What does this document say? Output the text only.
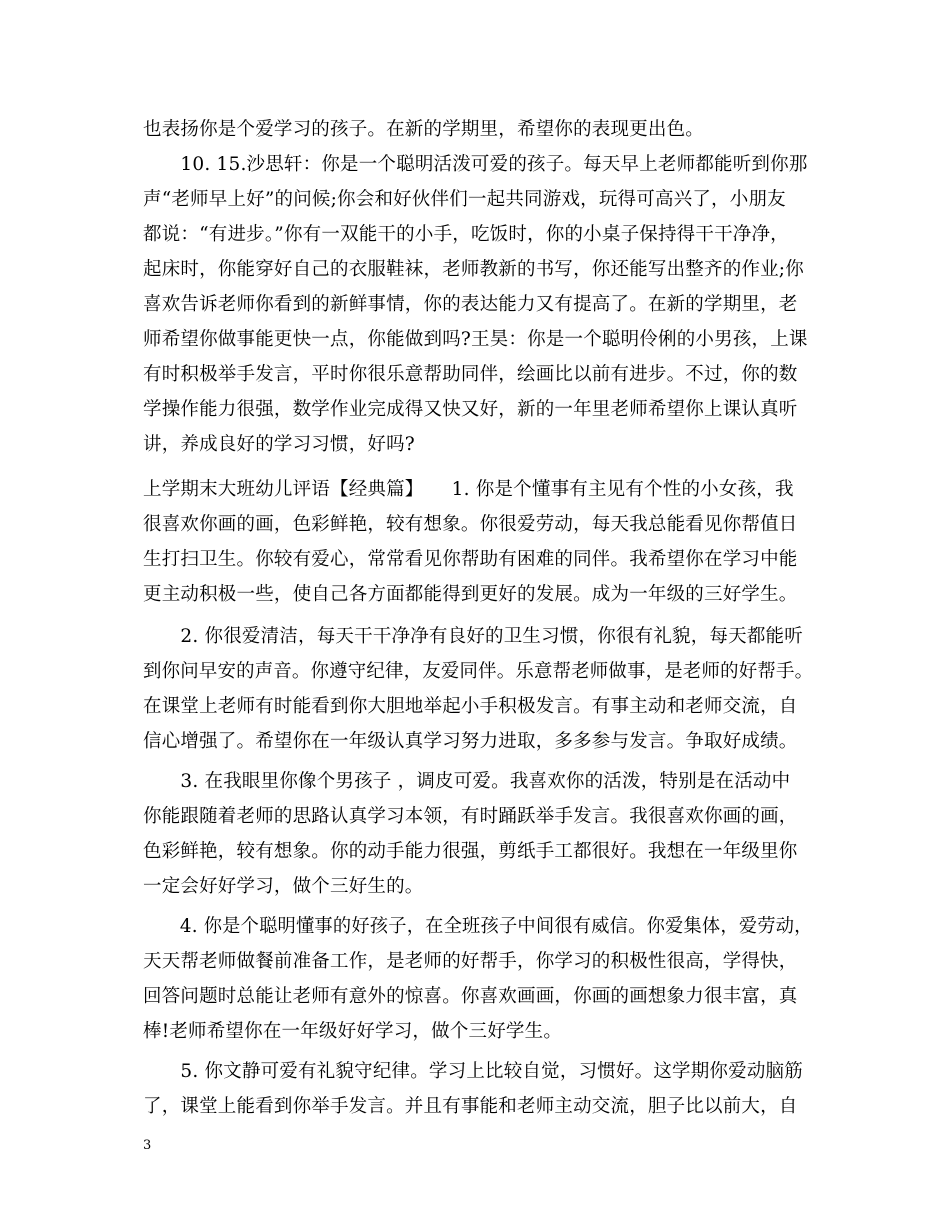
也表扬你是个爱学习的孩子。在新的学期里，希望你的表现更出色。
　　10. 15.沙思轩：你是一个聪明活泼可爱的孩子。每天早上老师都能听到你那
声“老师早上好”的问候;你会和好伙伴们一起共同游戏，玩得可高兴了，小朋友
都说：“有进步。”你有一双能干的小手，吃饭时，你的小桌子保持得干干净净，
起床时，你能穿好自己的衣服鞋袜，老师教新的书写，你还能写出整齐的作业;你
喜欢告诉老师你看到的新鲜事情，你的表达能力又有提高了。在新的学期里，老
师希望你做事能更快一点，你能做到吗?王昊：你是一个聪明伶俐的小男孩，上课
有时积极举手发言，平时你很乐意帮助同伴，绘画比以前有进步。不过，你的数
学操作能力很强，数学作业完成得又快又好，新的一年里老师希望你上课认真听
讲，养成良好的学习习惯，好吗?
上学期末大班幼儿评语【经典篇】　　1. 你是个懂事有主见有个性的小女孩，我
很喜欢你画的画，色彩鲜艳，较有想象。你很爱劳动，每天我总能看见你帮值日
生打扫卫生。你较有爱心，常常看见你帮助有困难的同伴。我希望你在学习中能
更主动积极一些，使自己各方面都能得到更好的发展。成为一年级的三好学生。
　　2. 你很爱清洁，每天干干净净有良好的卫生习惯，你很有礼貌，每天都能听
到你问早安的声音。你遵守纪律，友爱同伴。乐意帮老师做事，是老师的好帮手。
在课堂上老师有时能看到你大胆地举起小手积极发言。有事主动和老师交流，自
信心增强了。希望你在一年级认真学习努力进取，多多参与发言。争取好成绩。
　　3. 在我眼里你像个男孩子 ，调皮可爱。我喜欢你的活泼，特别是在活动中
你能跟随着老师的思路认真学习本领，有时踊跃举手发言。我很喜欢你画的画，
色彩鲜艳，较有想象。你的动手能力很强，剪纸手工都很好。我想在一年级里你
一定会好好学习，做个三好生的。
　　4. 你是个聪明懂事的好孩子，在全班孩子中间很有威信。你爱集体，爱劳动，
天天帮老师做餐前准备工作，是老师的好帮手，你学习的积极性很高，学得快，
回答问题时总能让老师有意外的惊喜。你喜欢画画，你画的画想象力很丰富，真
棒!老师希望你在一年级好好学习，做个三好学生。
　　5. 你文静可爱有礼貌守纪律。学习上比较自觉，习惯好。这学期你爱动脑筋
了，课堂上能看到你举手发言。并且有事能和老师主动交流，胆子比以前大，自
3
